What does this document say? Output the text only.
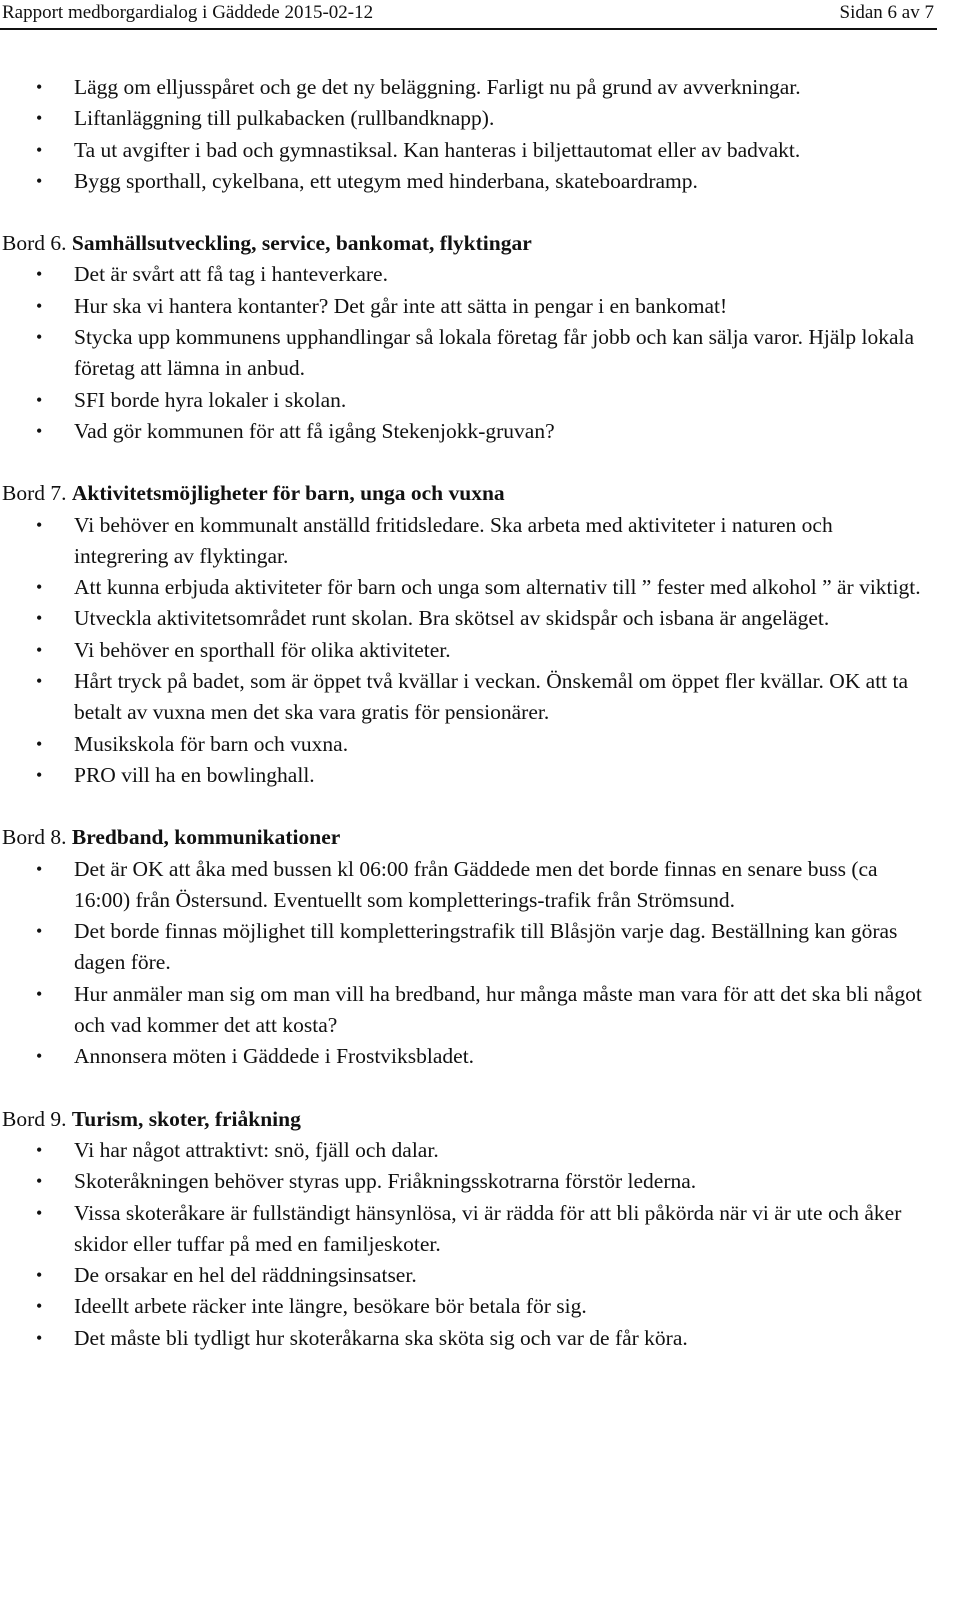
Rapport medborgardialog i Gäddede 2015-02-12	Sidan 6 av 7
• Lägg om elljusspåret och ge det ny beläggning. Farligt nu på grund av avverkningar.
• Liftanläggning till pulkabacken (rullbandknapp).
• Ta ut avgifter i bad och gymnastiksal. Kan hanteras i biljettautomat eller av badvakt.
• Bygg sporthall, cykelbana, ett utegym med hinderbana, skateboardramp.

Bord 6. Samhällsutveckling, service, bankomat, flyktingar

• Det är svårt att få tag i hanteverkare.
• Hur ska vi hantera kontanter? Det går inte att sätta in pengar i en bankomat!
• Stycka upp kommunens upphandlingar så lokala företag får jobb och kan sälja varor. Hjälp lokala företag att lämna in anbud.
• SFI borde hyra lokaler i skolan.
• Vad gör kommunen för att få igång Stekenjokk-gruvan?

Bord 7. Aktivitetsmöjligheter för barn, unga och vuxna

• Vi behöver en kommunalt anställd fritidsledare. Ska arbeta med aktiviteter i naturen och integrering av flyktingar.
• Att kunna erbjuda aktiviteter för barn och unga som alternativ till ” fester med alkohol ” är viktigt.
• Utveckla aktivitetsområdet runt skolan. Bra skötsel av skidspår och isbana är angeläget.
• Vi behöver en sporthall för olika aktiviteter.
• Hårt tryck på badet, som är öppet två kvällar i veckan. Önskemål om öppet fler kvällar. OK att ta betalt av vuxna men det ska vara gratis för pensionärer.
• Musikskola för barn och vuxna.
• PRO vill ha en bowlinghall.

Bord 8. Bredband, kommunikationer

• Det är OK att åka med bussen kl 06:00 från Gäddede men det borde finnas en senare buss (ca 16:00) från Östersund. Eventuellt som kompletterings-trafik från Strömsund.
• Det borde finnas möjlighet till kompletteringstrafik till Blåsjön varje dag. Beställning kan göras dagen före.
• Hur anmäler man sig om man vill ha bredband, hur många måste man vara för att det ska bli något och vad kommer det att kosta?
• Annonsera möten i Gäddede i Frostviksbladet.

Bord 9. Turism, skoter, friåkning

• Vi har något attraktivt: snö, fjäll och dalar.
• Skoteråkningen behöver styras upp. Friåkningsskotrarna förstör lederna.
• Vissa skoteråkare är fullständigt hänsynlösa, vi är rädda för att bli påkörda när vi är ute och åker skidor eller tuffar på med en familjeskoter.
• De orsakar en hel del räddningsinsatser.
• Ideellt arbete räcker inte längre, besökare bör betala för sig.
• Det måste bli tydligt hur skoteråkarna ska sköta sig och var de får köra.
